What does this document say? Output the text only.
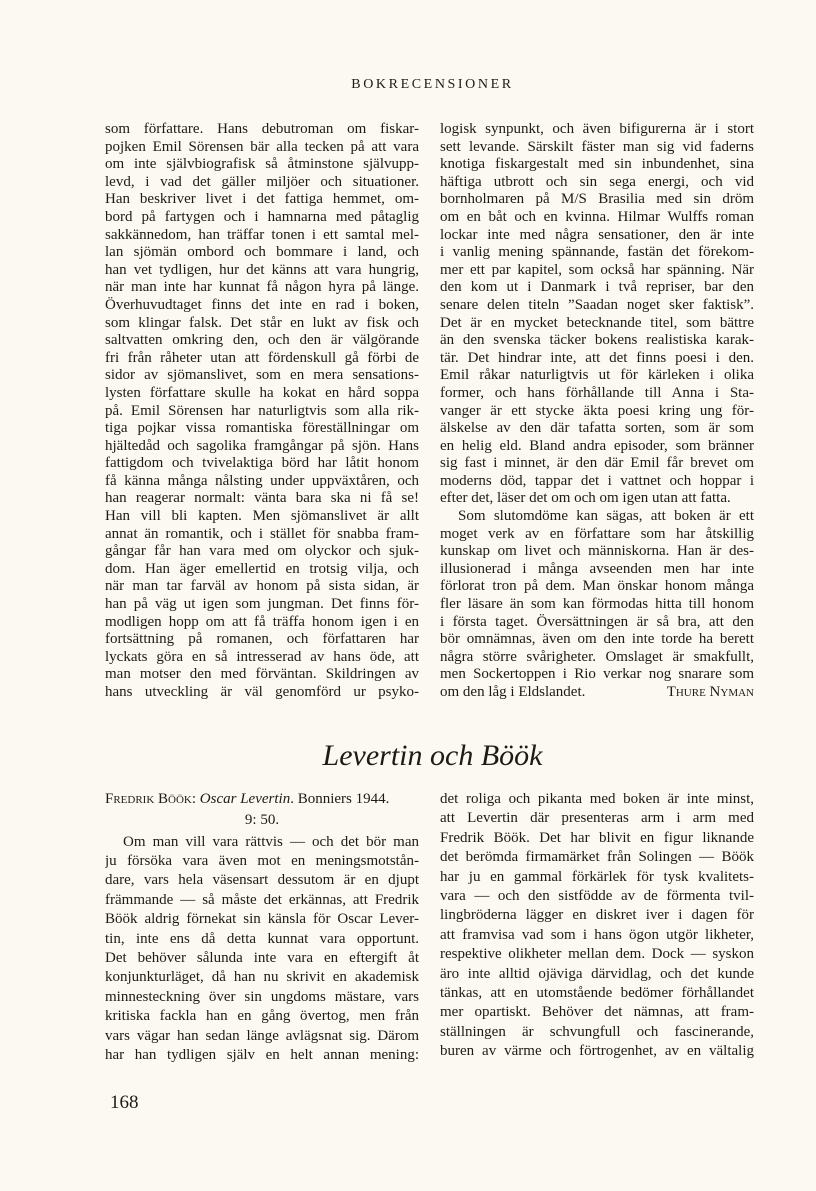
BOKRECENSIONER
som författare. Hans debutroman om fiskar-
pojken Emil Sörensen bär alla tecken på att vara
om inte självbiografisk så åtminstone självupp-
levd, i vad det gäller miljöer och situationer.
Han beskriver livet i det fattiga hemmet, om-
bord på fartygen och i hamnarna med påtaglig
sakkännedom, han träffar tonen i ett samtal mel-
lan sjömän ombord och bommare i land, och
han vet tydligen, hur det känns att vara hungrig,
när man inte har kunnat få någon hyra på länge.
Överhuvudtaget finns det inte en rad i boken,
som klingar falsk. Det står en lukt av fisk och
saltvatten omkring den, och den är välgörande
fri från råheter utan att fördenskull gå förbi de
sidor av sjömanslivet, som en mera sensations-
lysten författare skulle ha kokat en hård soppa
på. Emil Sörensen har naturligtvis som alla rik-
tiga pojkar vissa romantiska föreställningar om
hjältedåd och sagolika framgångar på sjön. Hans
fattigdom och tvivelaktiga börd har låtit honom
få känna många nålsting under uppväxtåren, och
han reagerar normalt: vänta bara ska ni få se!
Han vill bli kapten. Men sjömanslivet är allt
annat än romantik, och i stället för snabba fram-
gångar får han vara med om olyckor och sjuk-
dom. Han äger emellertid en trotsig vilja, och
när man tar farväl av honom på sista sidan, är
han på väg ut igen som jungman. Det finns för-
modligen hopp om att få träffa honom igen i en
fortsättning på romanen, och författaren har
lyckats göra en så intresserad av hans öde, att
man motser den med förväntan. Skildringen av
hans utveckling är väl genomförd ur psyko-
logisk synpunkt, och även bifigurerna är i stort
sett levande. Särskilt fäster man sig vid faderns
knotiga fiskargestalt med sin inbundenhet, sina
häftiga utbrott och sin sega energi, och vid
bornholmaren på M/S Brasilia med sin dröm
om en båt och en kvinna. Hilmar Wulffs roman
lockar inte med några sensationer, den är inte
i vanlig mening spännande, fastän det förekom-
mer ett par kapitel, som också har spänning. När
den kom ut i Danmark i två repriser, bar den
senare delen titeln ”Saadan noget sker faktisk”.
Det är en mycket betecknande titel, som bättre
än den svenska täcker bokens realistiska karak-
tär. Det hindrar inte, att det finns poesi i den.
Emil råkar naturligtvis ut för kärleken i olika
former, och hans förhållande till Anna i Sta-
vanger är ett stycke äkta poesi kring ung för-
älskelse av den där tafatta sorten, som är som
en helig eld. Bland andra episoder, som bränner
sig fast i minnet, är den där Emil får brevet om
moderns död, tappar det i vattnet och hoppar i
efter det, läser det om och om igen utan att fatta.
Som slutomdöme kan sägas, att boken är ett
moget verk av en författare som har åtskillig
kunskap om livet och människorna. Han är des-
illusionerad i många avseenden men har inte
förlorat tron på dem. Man önskar honom många
fler läsare än som kan förmodas hitta till honom
i första taget. Översättningen är så bra, att den
bör omnämnas, även om den inte torde ha berett
några större svårigheter. Omslaget är smakfullt,
men Sockertoppen i Rio verkar nog snarare som
om den låg i Eldslandet.	Thure Nyman
Levertin och Böök
Fredrik Böök: Oscar Levertin. Bonniers 1944.
9: 50.
Om man vill vara rättvis — och det bör man
ju försöka vara även mot en meningsmotstån-
dare, vars hela väsensart dessutom är en djupt
främmande — så måste det erkännas, att Fredrik
Böök aldrig förnekat sin känsla för Oscar Lever-
tin, inte ens då detta kunnat vara opportunt.
Det behöver sålunda inte vara en eftergift åt
konjunkturläget, då han nu skrivit en akademisk
minnesteckning över sin ungdoms mästare, vars
kritiska fackla han en gång övertog, men från
vars vägar han sedan länge avlägsnat sig. Därom
har han tydligen själv en helt annan mening:
det roliga och pikanta med boken är inte minst,
att Levertin där presenteras arm i arm med
Fredrik Böök. Det har blivit en figur liknande
det berömda firmamärket från Solingen — Böök
har ju en gammal förkärlek för tysk kvalitets-
vara — och den sistfödde av de förmenta tvil-
lingbröderna lägger en diskret iver i dagen för
att framvisa vad som i hans ögon utgör likheter,
respektive olikheter mellan dem. Dock — syskon
äro inte alltid ojäviga därvidlag, och det kunde
tänkas, att en utomstående bedömer förhållandet
mer opartiskt. Behöver det nämnas, att fram-
ställningen är schvungfull och fascinerande,
buren av värme och förtrogenhet, av en vältalig
168
